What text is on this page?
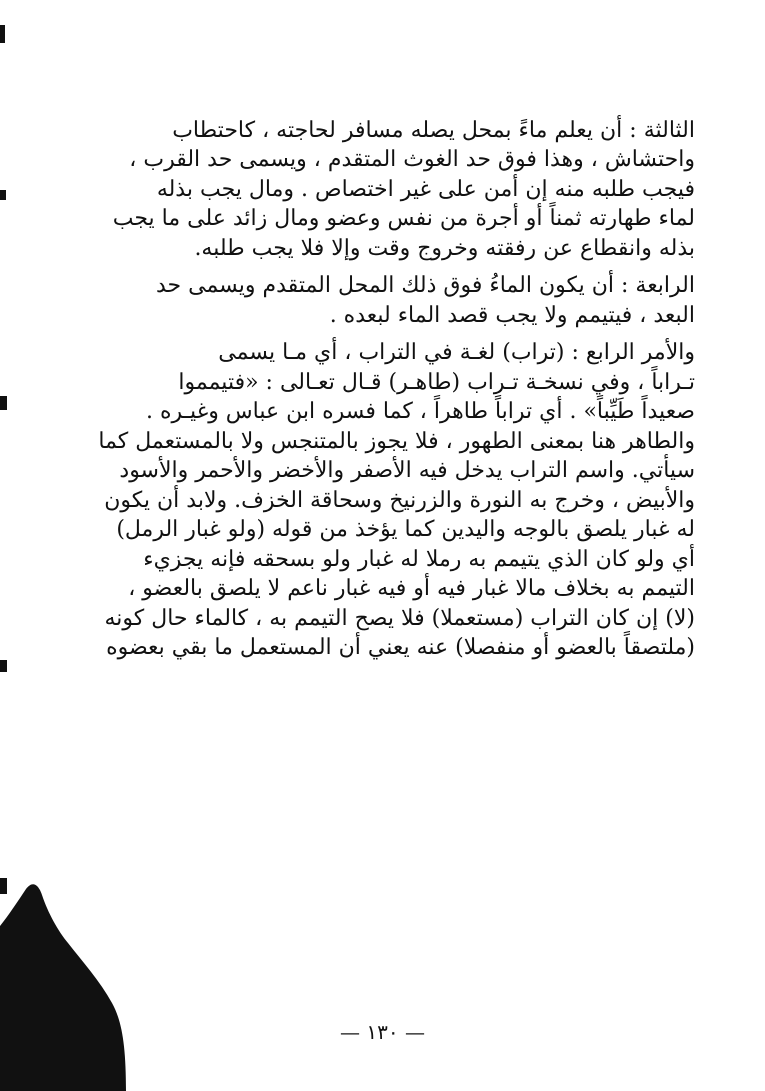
الثالثة : أن يعلم ماءً بمحل يصله مسافر لحاجته ، كاحتطاب
واحتشاش ، وهذا فوق حد الغوث المتقدم ، ويسمى حد القرب ،
فيجب طلبه منه إن أمن على غير اختصاص . ومال يجب بذله
لماء طهارته ثمناً أو أجرة من نفس وعضو ومال زائد على ما يجب
بذله وانقطاع عن رفقته وخروج وقت وإلا فلا يجب طلبه.

الرابعة : أن يكون الماءُ فوق ذلك المحل المتقدم ويسمى حد
البعد ، فيتيمم ولا يجب قصد الماء لبعده .

والأمر الرابع : (تراب) لغـة في التراب ، أي مـا يسمى
تـراباً ، وفي نسخـة تـراب (طاهـر) قـال تعـالى : «فتيمموا
صعيداً طَيِّباً» . أي تراباً طاهراً ، كما فسره ابن عباس وغيـره .
والطاهر هنا بمعنى الطهور ، فلا يجوز بالمتنجس ولا بالمستعمل كما
سيأتي. واسم التراب يدخل فيه الأصفر والأخضر والأحمر والأسود
والأبيض ، وخرج به النورة والزرنيخ وسحاقة الخزف. ولابد أن يكون
له غبار يلصق بالوجه واليدين كما يؤخذ من قوله (ولو غبار الرمل)
أي ولو كان الذي يتيمم به رملا له غبار ولو بسحقه فإنه يجزيء
التيمم به بخلاف مالا غبار فيه أو فيه غبار ناعم لا يلصق بالعضو ،
(لا) إن كان التراب (مستعملا) فلا يصح التيمم به ، كالماء حال كونه
(ملتصقاً بالعضو أو منفصلا) عنه يعني أن المستعمل ما بقي بعضوه

— ١٣٠ —
